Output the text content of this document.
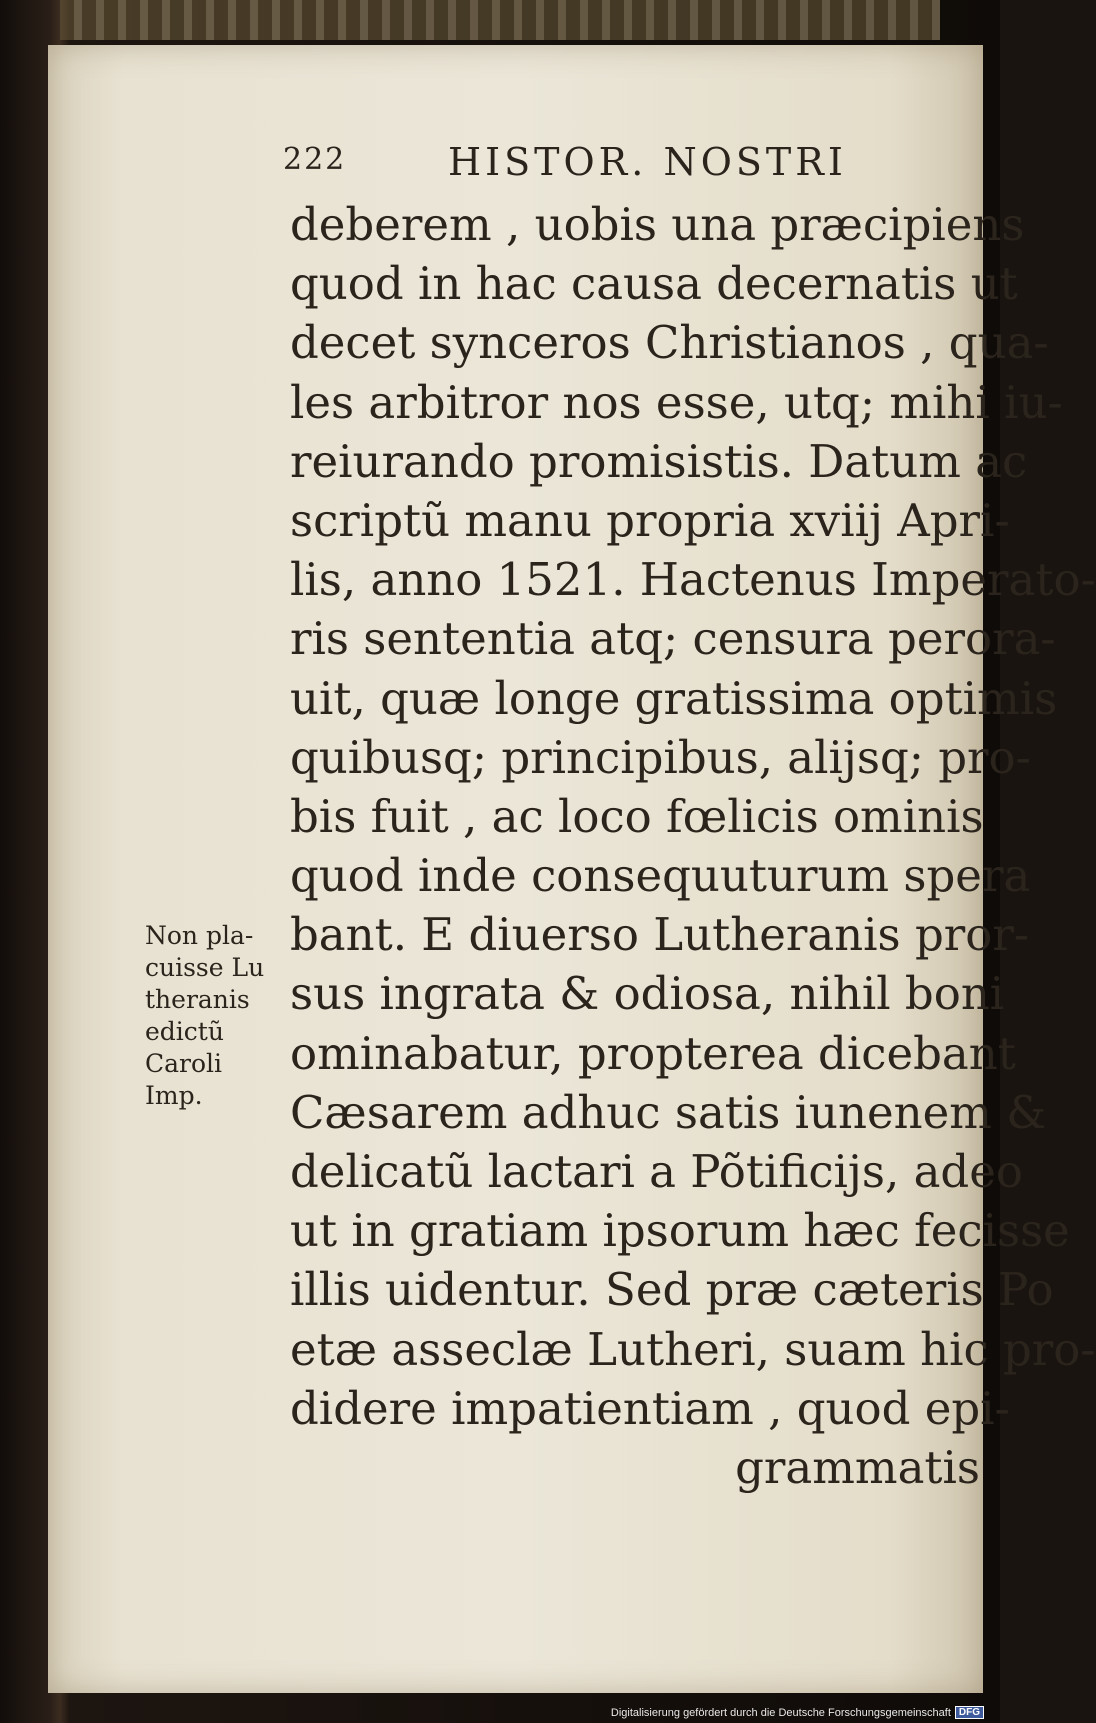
222	HISTOR. NOSTRI
deberem , uobis una præcipiens
quod in hac causa decernatis ut
decet synceros Christianos , qua-
les arbitror nos esse, utq; mihi iu-
reiurando promisistis. Datum ac
scriptũ manu propria xviij Apri-
lis, anno 1521. Hactenus Imperato-
ris sententia atq; censura perora-
uit, quæ longe gratissima optimis
quibusq; principibus, alijsq; pro-
bis fuit , ac loco fœlicis ominis
quod inde consequuturum spera
bant. E diuerso Lutheranis pror-
sus ingrata & odiosa, nihil boni
ominabatur, propterea dicebant
Cæsarem adhuc satis iunenem &
delicatũ lactari a Põtificijs, adeo
ut in gratiam ipsorum hæc fecisse
illis uidentur. Sed præ cæteris Po
etæ asseclæ Lutheri, suam hic pro-
didere impatientiam , quod epi-
grammatis
Non pla-
cuisse Lu
theranis
edictũ
Caroli
Imp.
Digitalisierung gefördert durch die Deutsche Forschungsgemeinschaft DFG
